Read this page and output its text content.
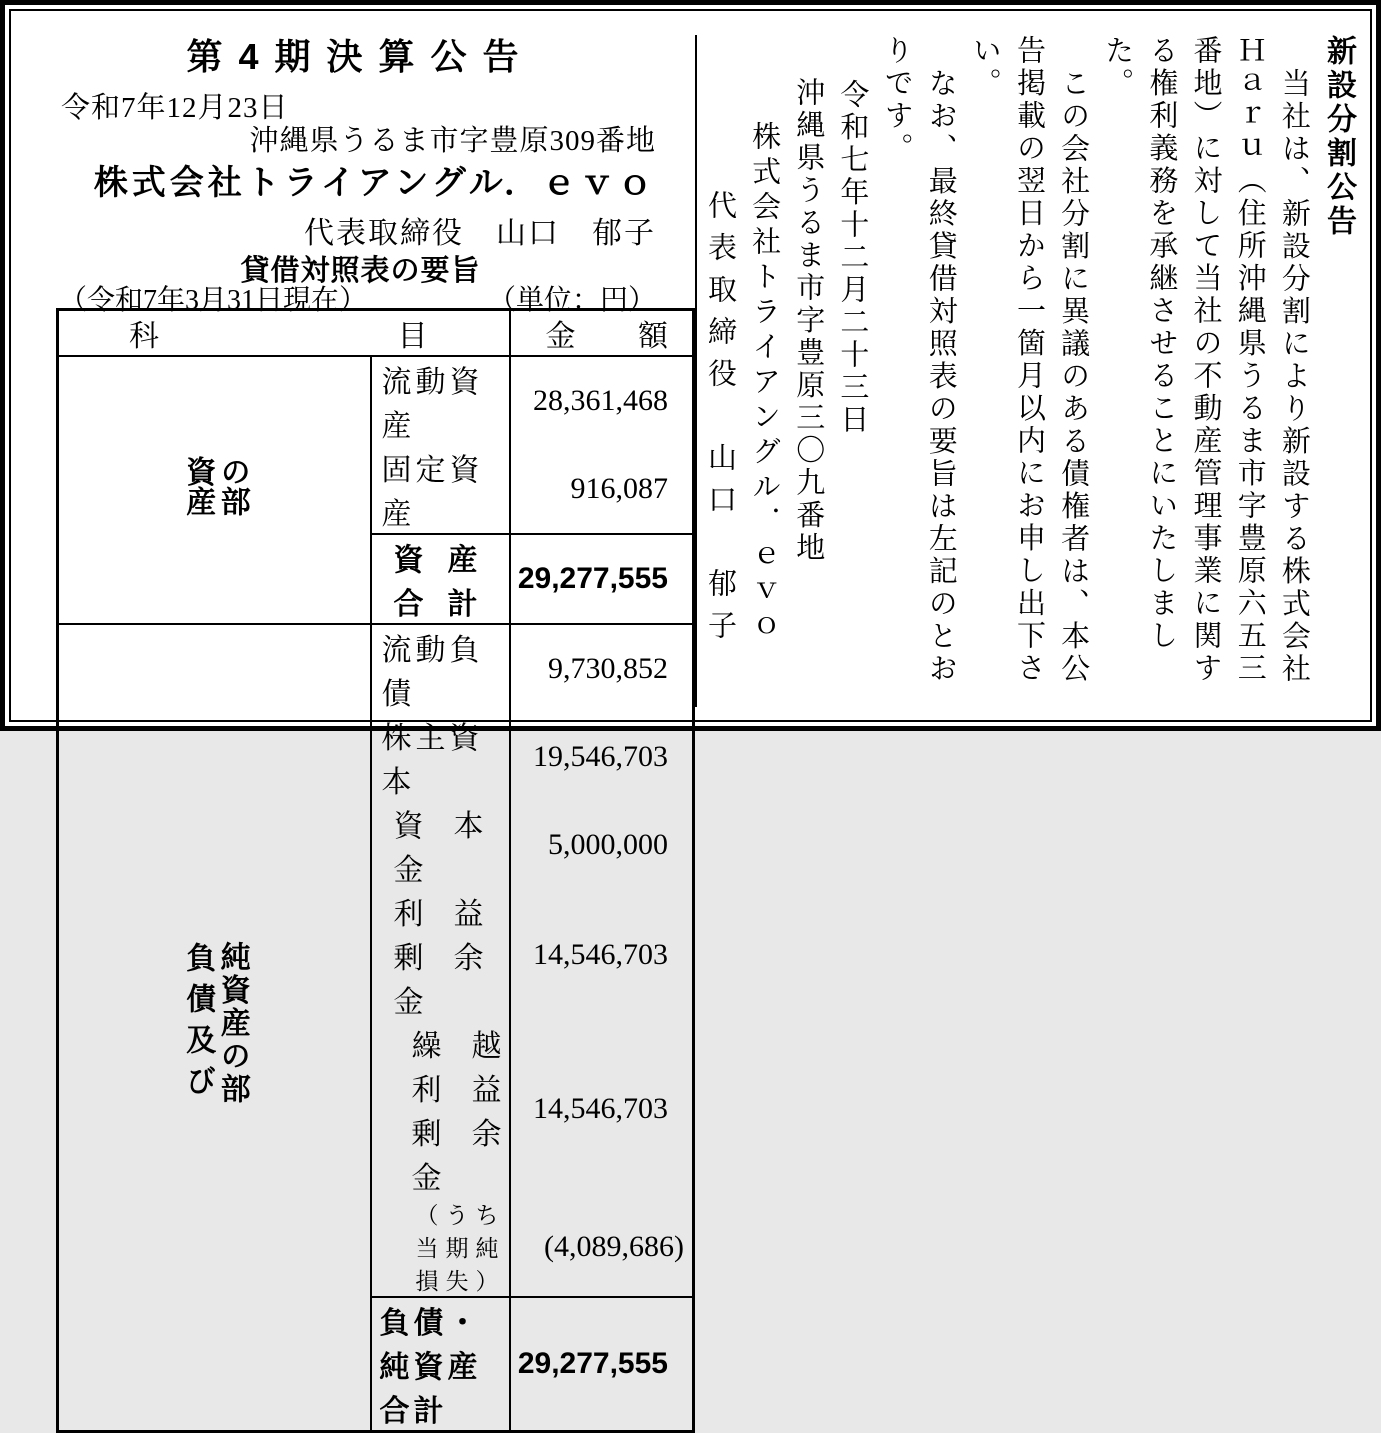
第4期決算公告
令和7年12月23日
沖縄県うるま市字豊原309番地
株式会社トライアングル．ｅｖｏ
代表取締役　山口　郁子
貸借対照表の要旨
（令和7年3月31日現在）	（単位：円）
科 目		金 額

資産 の部	流動資産	28,361,468
	固定資産	916,087
	資産合計	29,277,555

負債及び 純資産の部	流動負債	9,730,852
	株主資本	19,546,703
	資本金	5,000,000
	利益剰余金	14,546,703
	繰越利益剰余金	14,546,703
	（うち当期純損失）	(4,089,686)
	負債・純資産合計	29,277,555
新設分割公告
当社は、新設分割により新設する株式会社
Ｈａｒｕ（住所沖縄県うるま市字豊原六五三
番地）に対して当社の不動産管理事業に関す
る権利義務を承継させることにいたしまし
た。
この会社分割に異議のある債権者は、本公
告掲載の翌日から一箇月以内にお申し出下さ
い。
なお、最終貸借対照表の要旨は左記のとお
りです。
令和七年十二月二十三日
沖縄県うるま市字豊原三〇九番地
株式会社トライアングル．ｅｖｏ
代表取締役　山口　郁子
